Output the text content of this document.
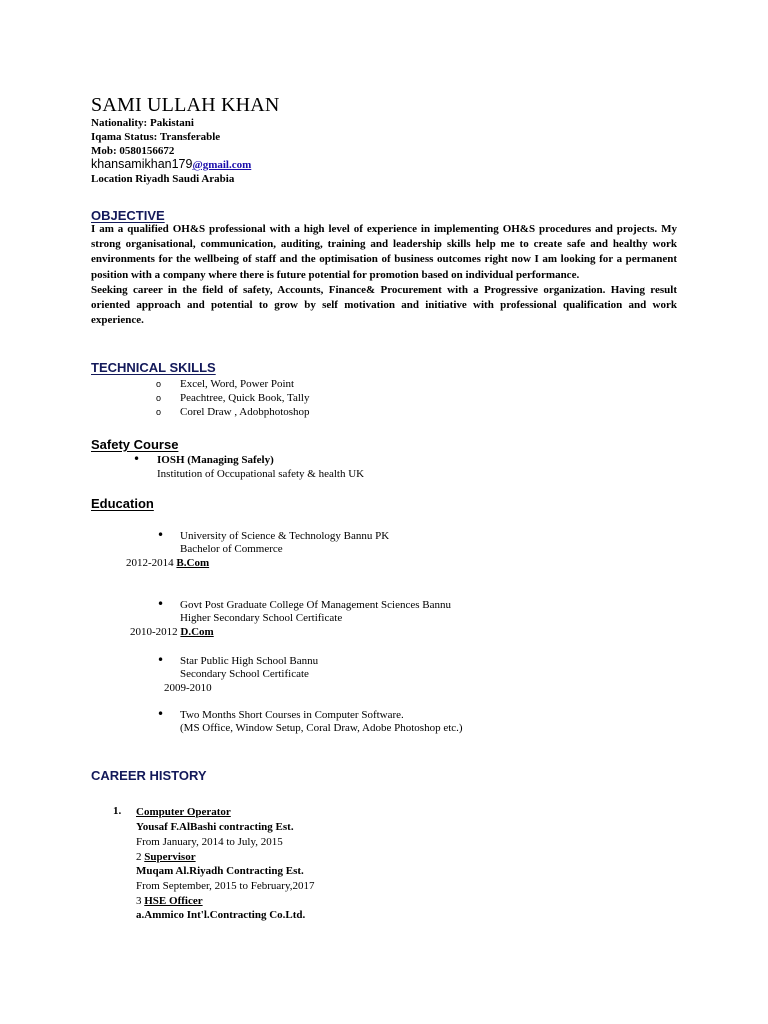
SAMI ULLAH KHAN
Nationality: Pakistani
Iqama Status: Transferable
Mob: 0580156672
khansamikhan179@gmail.com
Location Riyadh Saudi Arabia
OBJECTIVE

I am a qualified OH&S professional with a high level of experience in implementing OH&S procedures and projects. My strong organisational, communication, auditing, training and leadership skills help me to create safe and healthy work environments for the wellbeing of staff and the optimisation of business outcomes right now I am looking for a permanent position with a company where there is future potential for promotion based on individual performance.

Seeking career in the field of safety, Accounts, Finance& Procurement with a Progressive organization. Having result oriented approach and potential to grow by self motivation and initiative with professional qualification and work experience.

TECHNICAL SKILLS
o Excel, Word, Power Point
o Peachtree, Quick Book, Tally
o Corel Draw , Adobphotoshop
Safety Course
• IOSH (Managing Safely)
Institution of Occupational safety & health UK
Education
• University of Science & Technology Bannu PK
Bachelor of Commerce
2012-2014 B.Com
• Govt Post Graduate College Of Management Sciences Bannu
Higher Secondary School Certificate
2010-2012 D.Com
• Star Public High School Bannu
Secondary School Certificate
2009-2010
• Two Months Short Courses in Computer Software.
(MS Office, Window Setup, Coral Draw, Adobe Photoshop etc.)
CAREER HISTORY
1. Computer Operator
Yousaf F.AlBashi contracting Est.
From January, 2014 to July, 2015
2 Supervisor
Muqam Al.Riyadh Contracting Est.
From September, 2015 to February,2017
3 HSE Officer
a.Ammico Int'l.Contracting Co.Ltd.
